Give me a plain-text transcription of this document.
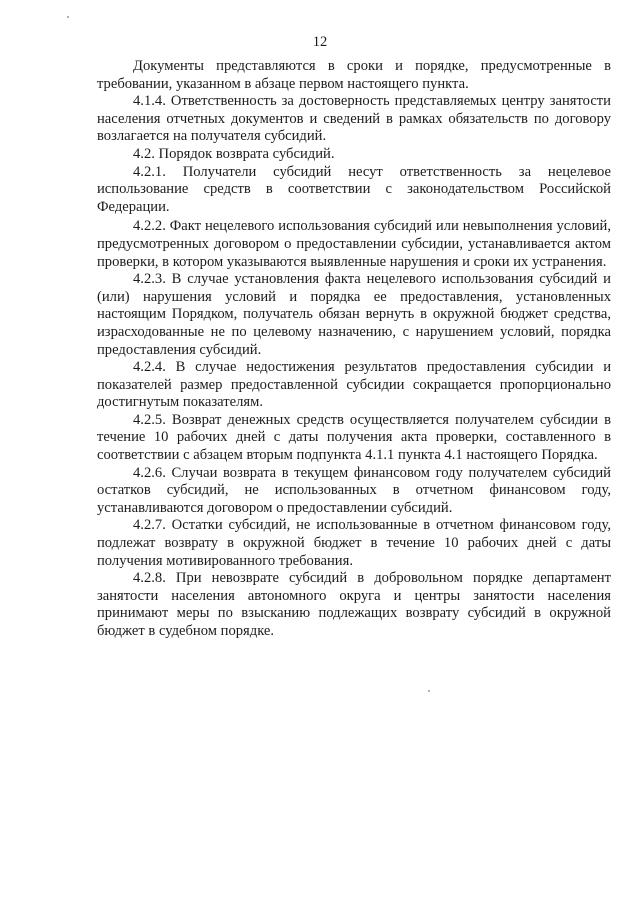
12

Документы представляются в сроки и порядке, предусмотренные в требовании, указанном в абзаце первом настоящего пункта.

4.1.4. Ответственность за достоверность представляемых центру занятости населения отчетных документов и сведений в рамках обязательств по договору возлагается на получателя субсидий.

4.2. Порядок возврата субсидий.

4.2.1. Получатели субсидий несут ответственность за нецелевое использование средств в соответствии с законодательством Российской Федерации.

4.2.2. Факт нецелевого использования субсидий или невыполнения условий, предусмотренных договором о предоставлении субсидии, устанавливается актом проверки, в котором указываются выявленные нарушения и сроки их устранения.

4.2.3. В случае установления факта нецелевого использования субсидий и (или) нарушения условий и порядка ее предоставления, установленных настоящим Порядком, получатель обязан вернуть в окружной бюджет средства, израсходованные не по целевому назначению, с нарушением условий, порядка предоставления субсидий.

4.2.4. В случае недостижения результатов предоставления субсидии и показателей размер предоставленной субсидии сокращается пропорционально достигнутым показателям.

4.2.5. Возврат денежных средств осуществляется получателем субсидии в течение 10 рабочих дней с даты получения акта проверки, составленного в соответствии с абзацем вторым подпункта 4.1.1 пункта 4.1 настоящего Порядка.

4.2.6. Случаи возврата в текущем финансовом году получателем субсидий остатков субсидий, не использованных в отчетном финансовом году, устанавливаются договором о предоставлении субсидий.

4.2.7. Остатки субсидий, не использованные в отчетном финансовом году, подлежат возврату в окружной бюджет в течение 10 рабочих дней с даты получения мотивированного требования.

4.2.8. При невозврате субсидий в добровольном порядке департамент занятости населения автономного округа и центры занятости населения принимают меры по взысканию подлежащих возврату субсидий в окружной бюджет в судебном порядке.
